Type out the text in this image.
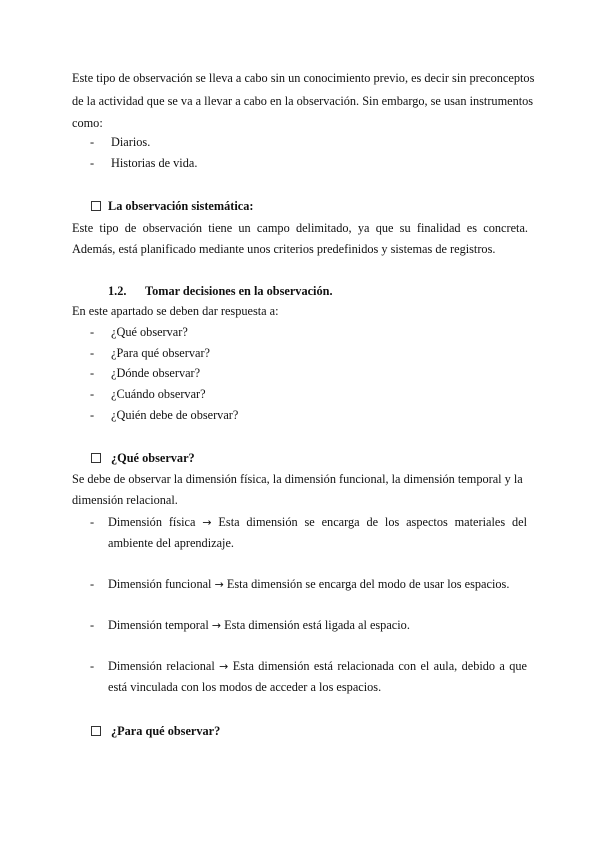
Este tipo de observación se lleva a cabo sin un conocimiento previo, es decir sin preconceptos
de la actividad que se va a llevar a cabo en la observación. Sin embargo, se usan instrumentos
como:
- Diarios.
- Historias de vida.
La observación sistemática:
Este tipo de observación tiene un campo delimitado, ya que su finalidad es concreta.
Además, está planificado mediante unos criterios predefinidos y sistemas de registros.
1.2. Tomar decisiones en la observación.
En este apartado se deben dar respuesta a:
- ¿Qué observar?
- ¿Para qué observar?
- ¿Dónde observar?
- ¿Cuándo observar?
- ¿Quién debe de observar?
¿Qué observar?
Se debe de observar la dimensión física, la dimensión funcional, la dimensión temporal y la
dimensión relacional.
- Dimensión física → Esta dimensión se encarga de los aspectos materiales del
ambiente del aprendizaje.
- Dimensión funcional → Esta dimensión se encarga del modo de usar los espacios.
- Dimensión temporal → Esta dimensión está ligada al espacio.
- Dimensión relacional → Esta dimensión está relacionada con el aula, debido a que
está vinculada con los modos de acceder a los espacios.
¿Para qué observar?
